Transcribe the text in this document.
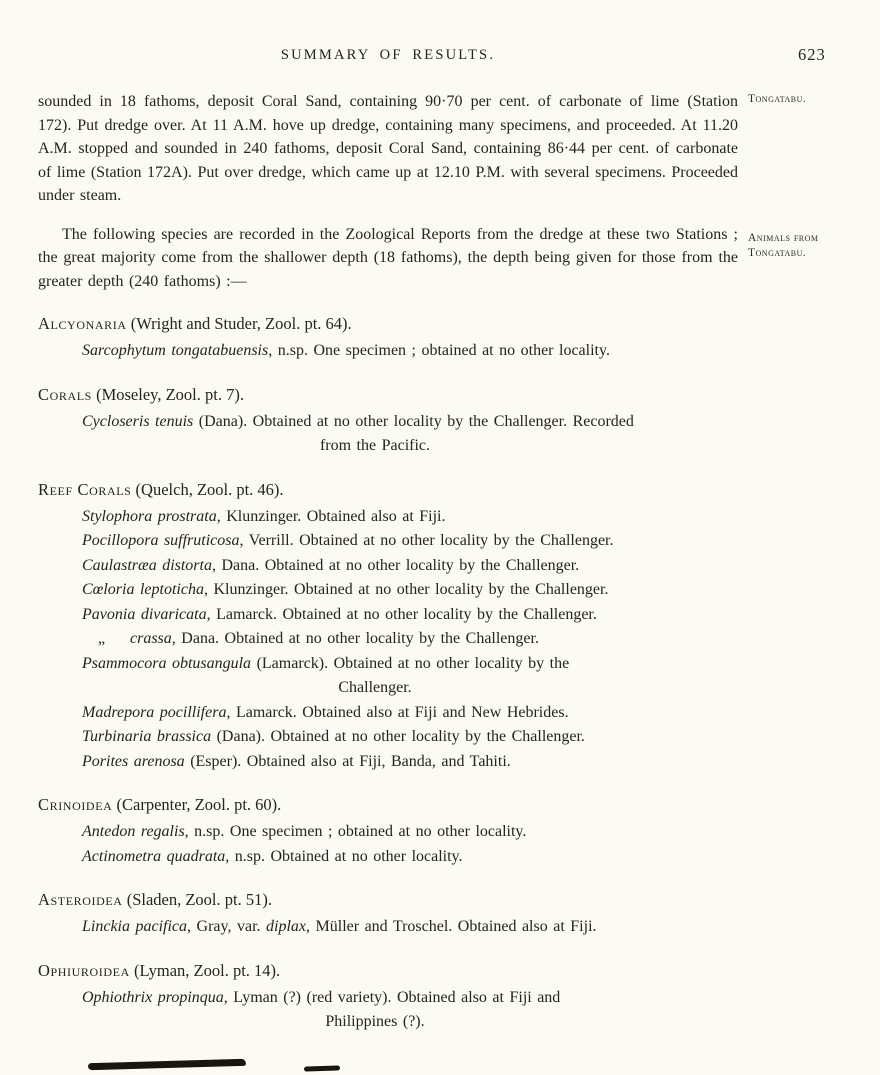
SUMMARY OF RESULTS.	623

sounded in 18 fathoms, deposit Coral Sand, containing 90·70 per cent. of carbonate of lime (Station 172). Put dredge over. At 11 A.M. hove up dredge, containing many specimens, and proceeded. At 11.20 A.M. stopped and sounded in 240 fathoms, deposit Coral Sand, containing 86·44 per cent. of carbonate of lime (Station 172A). Put over dredge, which came up at 12.10 P.M. with several specimens. Proceeded under steam.

The following species are recorded in the Zoological Reports from the dredge at these two Stations ; the great majority come from the shallower depth (18 fathoms), the depth being given for those from the greater depth (240 fathoms) :—

Alcyonaria (Wright and Studer, Zool. pt. 64).

Sarcophytum tongatabuensis, n.sp. One specimen ; obtained at no other locality.

Corals (Moseley, Zool. pt. 7).

Cycloseris tenuis (Dana). Obtained at no other locality by the Challenger. Recorded
from the Pacific.

Reef Corals (Quelch, Zool. pt. 46).

Stylophora prostrata, Klunzinger. Obtained also at Fiji.

Pocillopora suffruticosa, Verrill. Obtained at no other locality by the Challenger.

Caulastræa distorta, Dana. Obtained at no other locality by the Challenger.

Cœloria leptoticha, Klunzinger. Obtained at no other locality by the Challenger.

Pavonia divaricata, Lamarck. Obtained at no other locality by the Challenger.

„ crassa, Dana. Obtained at no other locality by the Challenger.

Psammocora obtusangula (Lamarck). Obtained at no other locality by the
Challenger.

Madrepora pocillifera, Lamarck. Obtained also at Fiji and New Hebrides.

Turbinaria brassica (Dana). Obtained at no other locality by the Challenger.

Porites arenosa (Esper). Obtained also at Fiji, Banda, and Tahiti.

Crinoidea (Carpenter, Zool. pt. 60).

Antedon regalis, n.sp. One specimen ; obtained at no other locality.

Actinometra quadrata, n.sp. Obtained at no other locality.

Asteroidea (Sladen, Zool. pt. 51).

Linckia pacifica, Gray, var. diplax, Müller and Troschel. Obtained also at Fiji.

Ophiuroidea (Lyman, Zool. pt. 14).

Ophiothrix propinqua, Lyman (?) (red variety). Obtained also at Fiji and
Philippines (?).

Tongatabu.
Animals from Tongatabu.
